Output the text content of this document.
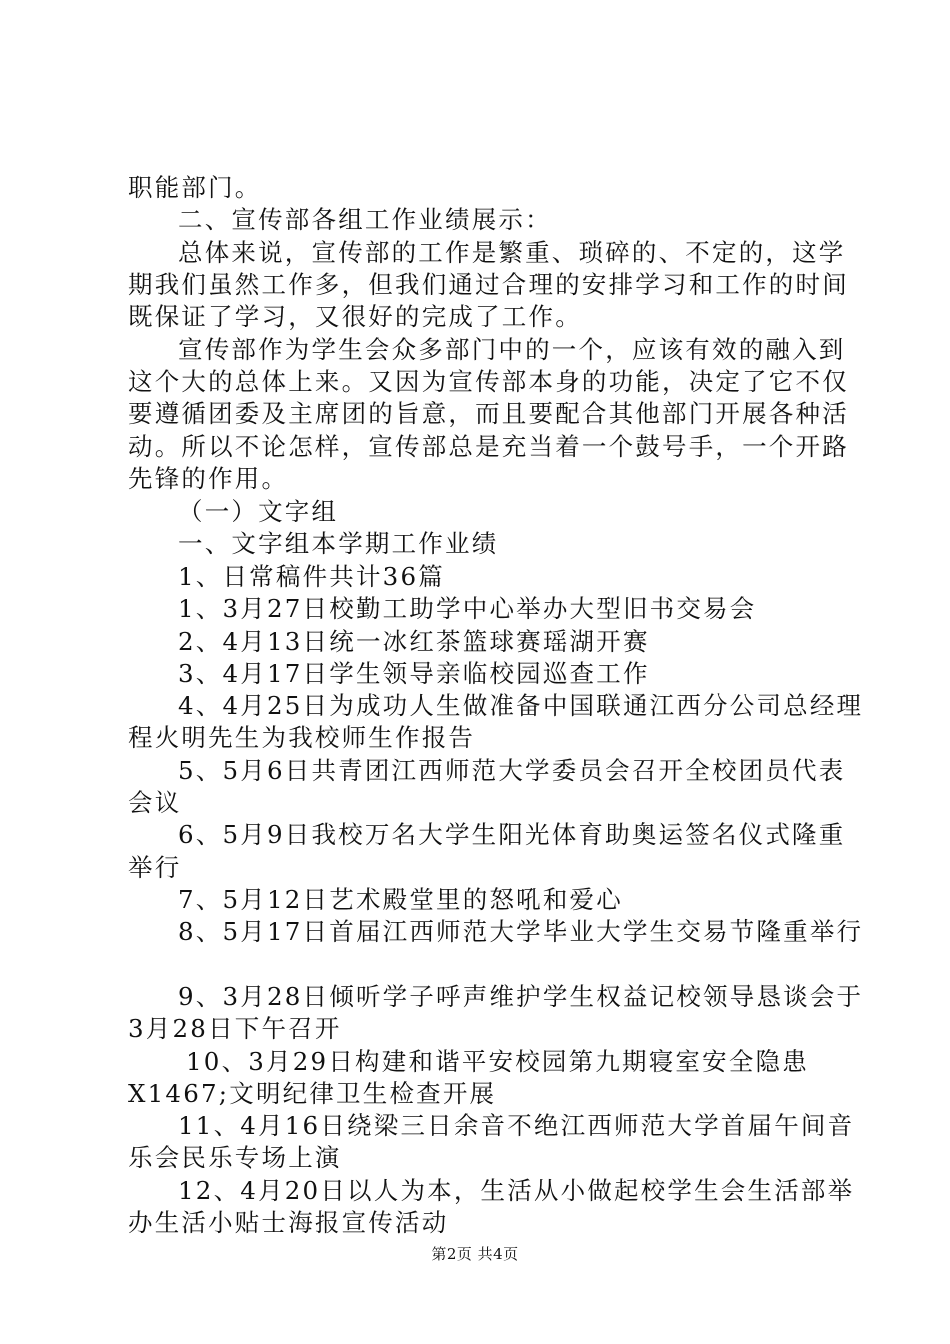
职能部门。
二、宣传部各组工作业绩展示：
总体来说，宣传部的工作是繁重、琐碎的、不定的，这学
期我们虽然工作多，但我们通过合理的安排学习和工作的时间
既保证了学习，又很好的完成了工作。
宣传部作为学生会众多部门中的一个，应该有效的融入到
这个大的总体上来。又因为宣传部本身的功能，决定了它不仅
要遵循团委及主席团的旨意，而且要配合其他部门开展各种活
动。所以不论怎样，宣传部总是充当着一个鼓号手，一个开路
先锋的作用。
（一）文字组
一、文字组本学期工作业绩
1、日常稿件共计36篇
1、3月27日校勤工助学中心举办大型旧书交易会
2、4月13日统一冰红茶篮球赛瑶湖开赛
3、4月17日学生领导亲临校园巡查工作
4、4月25日为成功人生做准备中国联通江西分公司总经理
程火明先生为我校师生作报告
5、5月6日共青团江西师范大学委员会召开全校团员代表
会议
6、5月9日我校万名大学生阳光体育助奥运签名仪式隆重
举行
7、5月12日艺术殿堂里的怒吼和爱心
8、5月17日首届江西师范大学毕业大学生交易节隆重举行
9、3月28日倾听学子呼声维护学生权益记校领导恳谈会于
3月28日下午召开
10、3月29日构建和谐平安校园第九期寝室安全隐患
X1467;文明纪律卫生检查开展
11、4月16日绕梁三日余音不绝江西师范大学首届午间音
乐会民乐专场上演
12、4月20日以人为本，生活从小做起校学生会生活部举
办生活小贴士海报宣传活动
第2页 共4页
